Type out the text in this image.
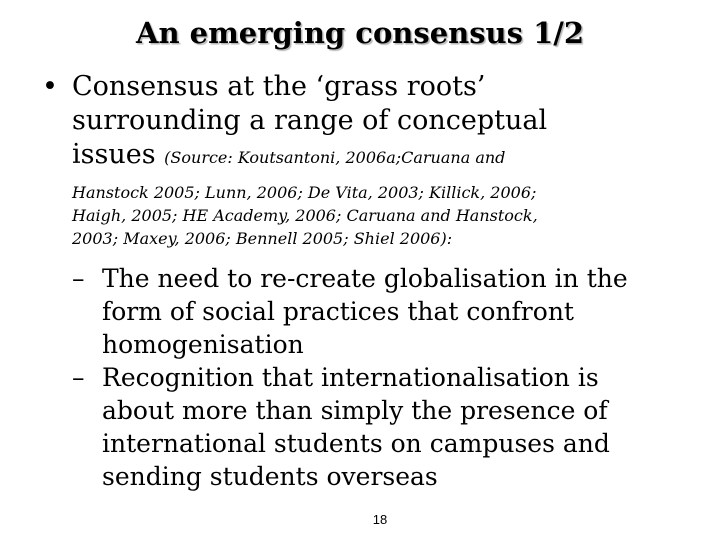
An emerging consensus 1/2
• Consensus at the ‘grass roots’
surrounding a range of conceptual
issues (Source: Koutsantoni, 2006a;Caruana and
Hanstock 2005; Lunn, 2006; De Vita, 2003; Killick, 2006;
Haigh, 2005; HE Academy, 2006; Caruana and Hanstock,
2003; Maxey, 2006; Bennell 2005; Shiel 2006):
– The need to re-create globalisation in the
form of social practices that confront
homogenisation
– Recognition that internationalisation is
about more than simply the presence of
international students on campuses and
sending students overseas
18
